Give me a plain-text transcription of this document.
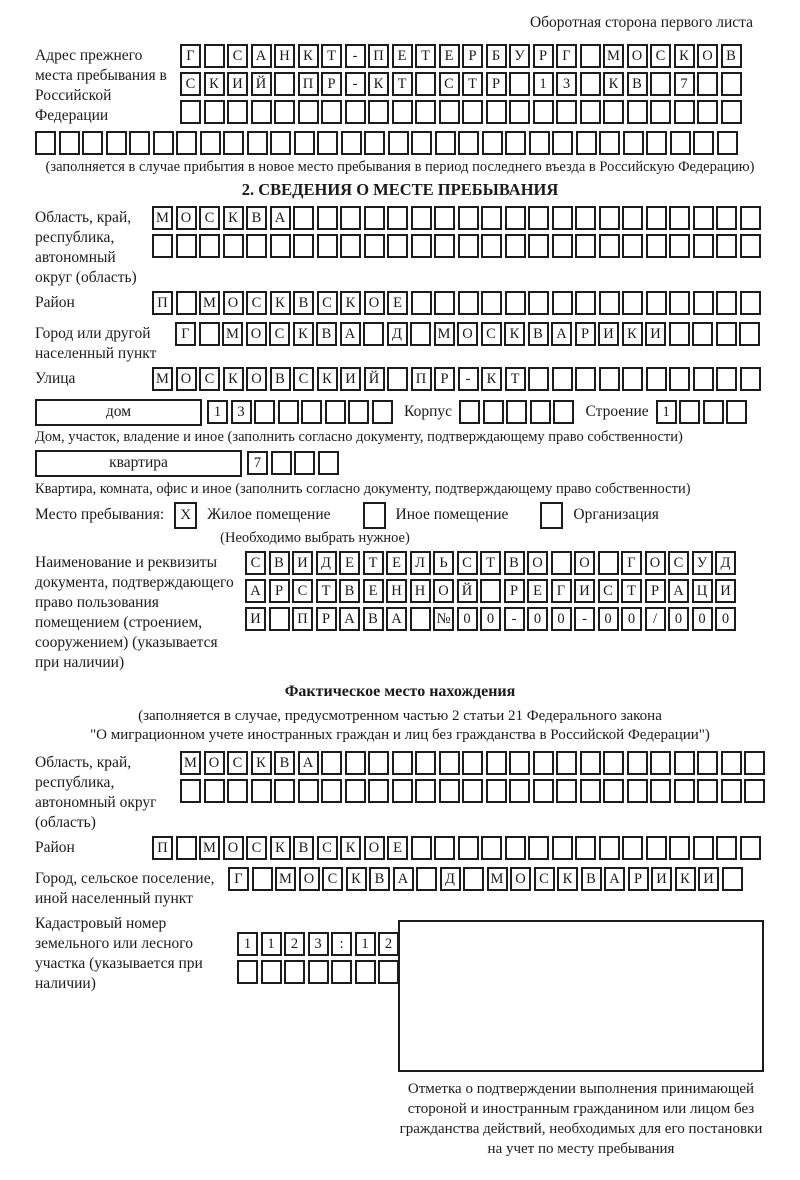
Оборотная сторона первого листа
Адрес прежнего места пребывания в Российской Федерации
Г	С А Н К Т	-	П Е	Т	Е	Р	Б У Р	Г	М О С К О В
С К И Й	П Р	-	К Т	С Т	Р	1	3	К В	7
(заполняется в случае прибытия в новое место пребывания в период последнего въезда в Российскую Федерацию)
2. СВЕДЕНИЯ О МЕСТЕ ПРЕБЫВАНИЯ
Область, край, республика, автономный округ (область)
М О С К В А
Район	П	М О С К В С К О Е
Город или другой населенный пункт
Г	М О С К В А	Д	М О С К В А Р И К И
Улица	М О С К О В С К И Й	П Р	-	К Т
дом	1	3	Корпус	Строение 1
Дом, участок, владение и иное (заполнить согласно документу, подтверждающему право собственности)
квартира	7
Квартира, комната, офис и иное (заполнить согласно документу, подтверждающему право собственности)
Место пребывания:	X	Жилое помещение	Иное помещение	Организация
(Необходимо выбрать нужное)
Наименование и реквизиты документа, подтверждающего право пользования помещением (строением, сооружением) (указывается при наличии)
С В И Д Е	Т	Е Л Ь	С Т В О	О	Г О С У Д
А Р	С Т В Е Н Н О Й	Р	Е	Г И С Т	Р А Ц И
И	П Р А В А	№ 0	0	-	0	0	-	0	0	/	0	0	0
Фактическое место нахождения
(заполняется в случае, предусмотренном частью 2 статьи 21 Федерального закона
"О миграционном учете иностранных граждан и лиц без гражданства в Российской Федерации")
Область, край, республика, автономный округ (область)
М О С К В А
Район	П	М О С К В С К О Е
Город, сельское поселение, иной населенный пункт
Г	М О С К В А	Д	М О С К В А Р И К И
Кадастровый номер земельного или лесного участка (указывается при наличии)
1	1	2	3	:	1	2
Отметка о подтверждении выполнения принимающей стороной и иностранным гражданином или лицом без гражданства действий, необходимых для его постановки на учет по месту пребывания
